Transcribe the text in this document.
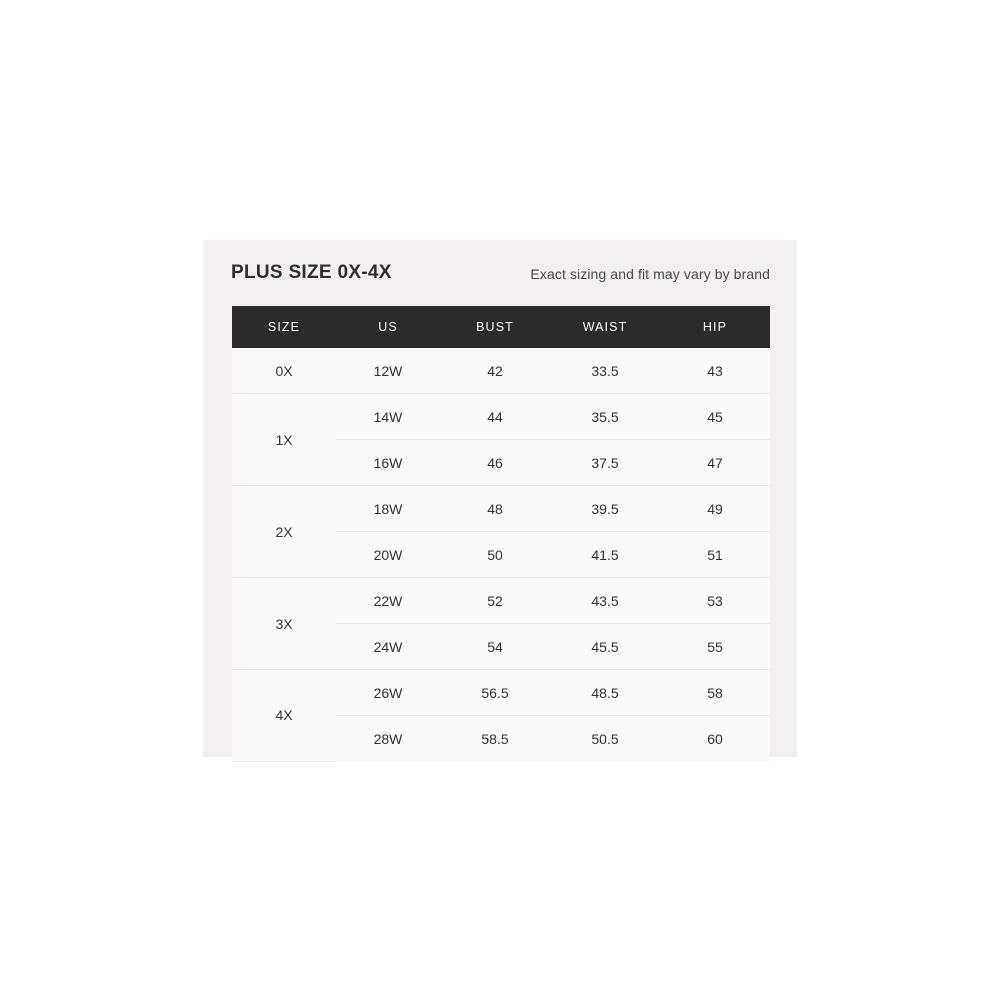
PLUS SIZE 0X-4X	Exact sizing and fit may vary by brand
SIZE	US	BUST	WAIST	HIP
0X	12W	42	33.5	43
1X	14W	44	35.5	45
	16W	46	37.5	47
2X	18W	48	39.5	49
	20W	50	41.5	51
3X	22W	52	43.5	53
	24W	54	45.5	55
4X	26W	56.5	48.5	58
	28W	58.5	50.5	60
